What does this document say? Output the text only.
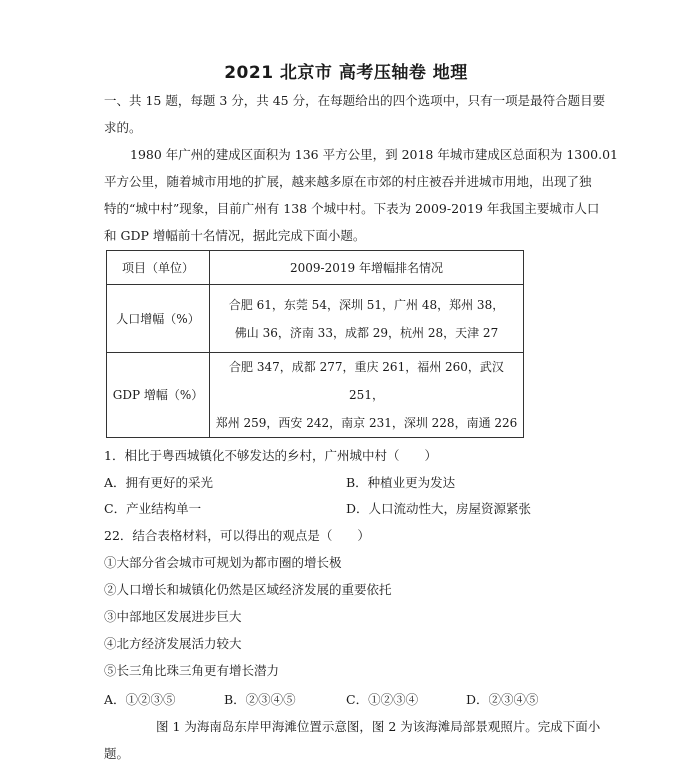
2021 北京市 高考压轴卷 地理
一、共 15 题，每题 3 分，共 45 分，在每题给出的四个选项中，只有一项是最符合题目要
求的。
1980 年广州的建成区面积为 136 平方公里，到 2018 年城市建成区总面积为 1300.01
平方公里，随着城市用地的扩展，越来越多原在市郊的村庄被吞并进城市用地，出现了独
特的“城中村”现象，目前广州有 138 个城中村。下表为 2009-2019 年我国主要城市人口
和 GDP 增幅前十名情况，据此完成下面小题。
项目（单位）	2009-2019 年增幅排名情况
人口增幅（%）	合肥 61，东莞 54，深圳 51，广州 48，郑州 38，
佛山 36，济南 33，成都 29，杭州 28，天津 27

GDP 增幅（%）	合肥 347，成都 277，重庆 261，福州 260，武汉 251，
郑州 259，西安 242，南京 231，深圳 228，南通 226
1．相比于粤西城镇化不够发达的乡村，广州城中村（　　）
A．拥有更好的采光	B．种植业更为发达
C．产业结构单一	D．人口流动性大，房屋资源紧张
22．结合表格材料，可以得出的观点是（　　）
①大部分省会城市可规划为都市圈的增长极
②人口增长和城镇化仍然是区域经济发展的重要依托
③中部地区发展进步巨大
④北方经济发展活力较大
⑤长三角比珠三角更有增长潜力
A．①②③⑤	B．②③④⑤	C．①②③④	D．②③④⑤
图 1 为海南岛东岸甲海滩位置示意图，图 2 为该海滩局部景观照片。完成下面小
题。
